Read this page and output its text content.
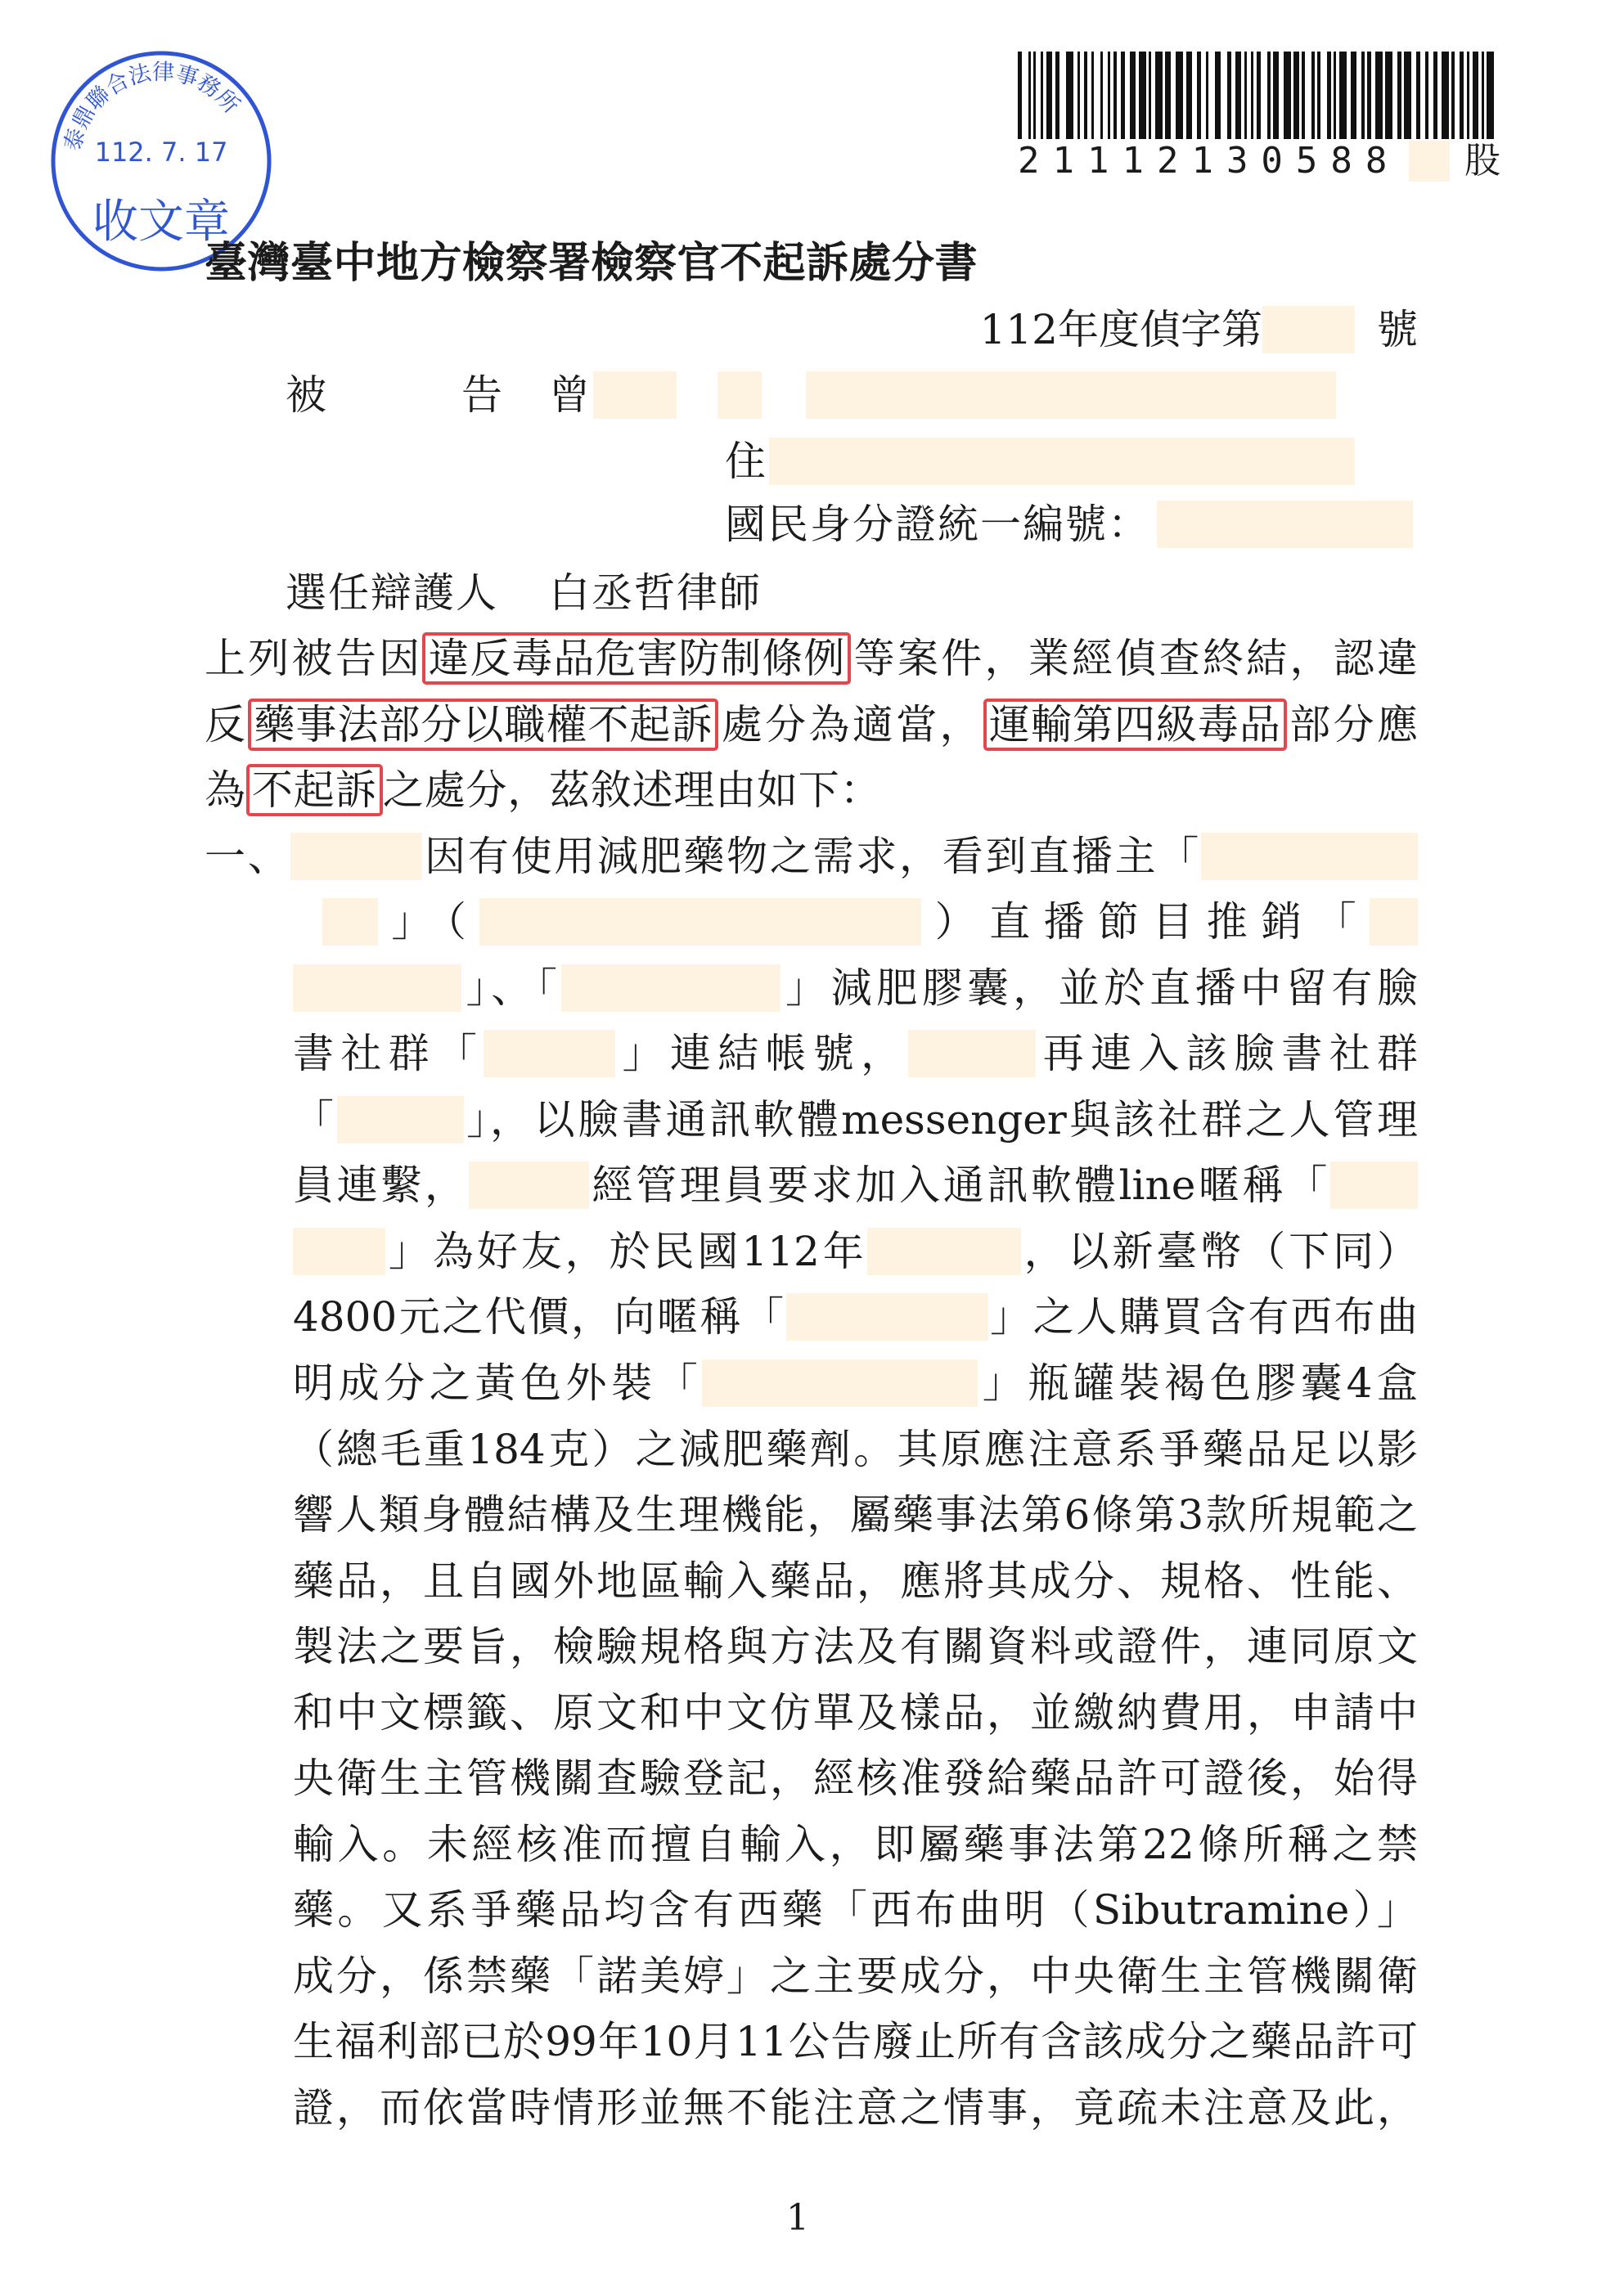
泰鼎聯合法律事務所
112. 7. 17
收文章
21112130588 股
臺灣臺中地方檢察署檢察官不起訴處分書
112年度偵字第	號
被	告 曾
住
國民身分證統一編號：
選任辯護人 白丞哲律師
上列被告因 違反毒品危害防制條例 等案件，業經偵查終結，認違
反 藥事法部分以職權不起訴 處分為適當， 運輸第四級毒品 部分應
為 不起訴 之處分，茲敘述理由如下：
一、	因有使用減肥藥物之需求，看到直播主「
」（	）直播節目推銷「
」、「	」減肥膠囊，並於直播中留有臉
書社群「	」連結帳號，	再連入該臉書社群
「	」，以臉書通訊軟體messenger與該社群之人管理
員連繫，	經管理員要求加入通訊軟體line暱稱「
」為好友，於民國112年	，以新臺幣（下同）
4800元之代價，向暱稱「	」之人購買含有西布曲
明成分之黃色外裝「	」瓶罐裝褐色膠囊4盒
（總毛重184克）之減肥藥劑。其原應注意系爭藥品足以影
響人類身體結構及生理機能，屬藥事法第6條第3款所規範之
藥品，且自國外地區輸入藥品，應將其成分、規格、性能、
製法之要旨，檢驗規格與方法及有關資料或證件，連同原文
和中文標籤、原文和中文仿單及樣品，並繳納費用，申請中
央衛生主管機關查驗登記，經核准發給藥品許可證後，始得
輸入。未經核准而擅自輸入，即屬藥事法第22條所稱之禁
藥。又系爭藥品均含有西藥「西布曲明（Sibutramine）」
成分，係禁藥「諾美婷」之主要成分，中央衛生主管機關衛
生福利部已於99年10月11公告廢止所有含該成分之藥品許可
證，而依當時情形並無不能注意之情事，竟疏未注意及此，
1
